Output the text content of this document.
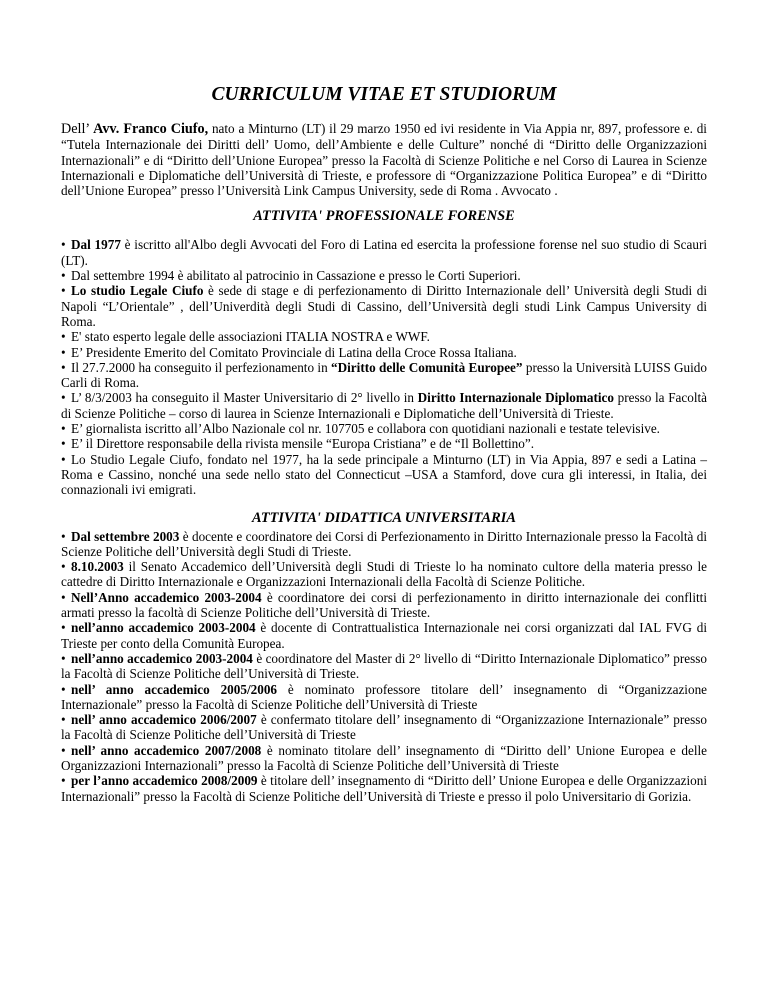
CURRICULUM VITAE ET STUDIORUM

Dell’ Avv. Franco Ciufo, nato a Minturno (LT) il 29 marzo 1950 ed ivi residente in Via Appia nr, 897, professore e. di “Tutela Internazionale dei Diritti dell’ Uomo, dell’Ambiente e delle Culture” nonché di “Diritto delle Organizzazioni Internazionali” e di “Diritto dell’Unione Europea” presso la Facoltà di Scienze Politiche e nel Corso di Laurea in Scienze Internazionali e Diplomatiche dell’Università di Trieste, e professore di “Organizzazione Politica Europea” e di “Diritto dell’Unione Europea” presso l’Università Link Campus University, sede di Roma . Avvocato .

ATTIVITA' PROFESSIONALE FORENSE
•Dal 1977 è iscritto all'Albo degli Avvocati del Foro di Latina ed esercita la professione forense nel suo studio di Scauri (LT).
•Dal settembre 1994 è abilitato al patrocinio in Cassazione e presso le Corti Superiori.
•Lo studio Legale Ciufo è sede di stage e di perfezionamento di Diritto Internazionale dell’ Università degli Studi di Napoli “L’Orientale” , dell’Univerdità degli Studi di Cassino, dell’Università degli studi Link Campus University di Roma.
•E' stato esperto legale delle associazioni ITALIA NOSTRA e WWF.
•E’ Presidente Emerito del Comitato Provinciale di Latina della Croce Rossa Italiana.
•Il 27.7.2000 ha conseguito il perfezionamento in “Diritto delle Comunità Europee” presso la Università LUISS Guido Carli di Roma.
•L’ 8/3/2003 ha conseguito il Master Universitario di 2° livello in Diritto Internazionale Diplomatico presso la Facoltà di Scienze Politiche – corso di laurea in Scienze Internazionali e Diplomatiche dell’Università di Trieste.
•E’ giornalista iscritto all’Albo Nazionale col nr. 107705 e collabora con quotidiani nazionali e testate televisive.
•E’ il Direttore responsabile della rivista mensile “Europa Cristiana” e de “Il Bollettino”.
•Lo Studio Legale Ciufo, fondato nel 1977, ha la sede principale a Minturno (LT) in Via Appia, 897 e sedi a Latina – Roma e Cassino, nonché una sede nello stato del Connecticut –USA a Stamford, dove cura gli interessi, in Italia, dei connazionali ivi emigrati.
ATTIVITA' DIDATTICA UNIVERSITARIA
•Dal settembre 2003 è docente e coordinatore dei Corsi di Perfezionamento in Diritto Internazionale presso la Facoltà di Scienze Politiche dell’Università degli Studi di Trieste.
•8.10.2003 il Senato Accademico dell’Università degli Studi di Trieste lo ha nominato cultore della materia presso le cattedre di Diritto Internazionale e Organizzazioni Internazionali della Facoltà di Scienze Politiche.
•Nell’Anno accademico 2003-2004 è coordinatore dei corsi di perfezionamento in diritto internazionale dei conflitti armati presso la facoltà di Scienze Politiche dell’Università di Trieste.
•nell’anno accademico 2003-2004 è docente di Contrattualistica Internazionale nei corsi organizzati dal IAL FVG di Trieste per conto della Comunità Europea.
•nell’anno accademico 2003-2004 è coordinatore del Master di 2° livello di “Diritto Internazionale Diplomatico” presso la Facoltà di Scienze Politiche dell’Università di Trieste.
•nell’ anno accademico 2005/2006 è nominato professore titolare dell’ insegnamento di “Organizzazione Internazionale” presso la Facoltà di Scienze Politiche dell’Università di Trieste
•nell’ anno accademico 2006/2007 è confermato titolare dell’ insegnamento di “Organizzazione Internazionale” presso la Facoltà di Scienze Politiche dell’Università di Trieste
•nell’ anno accademico 2007/2008 è nominato titolare dell’ insegnamento di “Diritto dell’ Unione Europea e delle Organizzazioni Internazionali” presso la Facoltà di Scienze Politiche dell’Università di Trieste
•per l’anno accademico 2008/2009 è titolare dell’ insegnamento di “Diritto dell’ Unione Europea e delle Organizzazioni Internazionali” presso la Facoltà di Scienze Politiche dell’Università di Trieste e presso il polo Universitario di Gorizia.
